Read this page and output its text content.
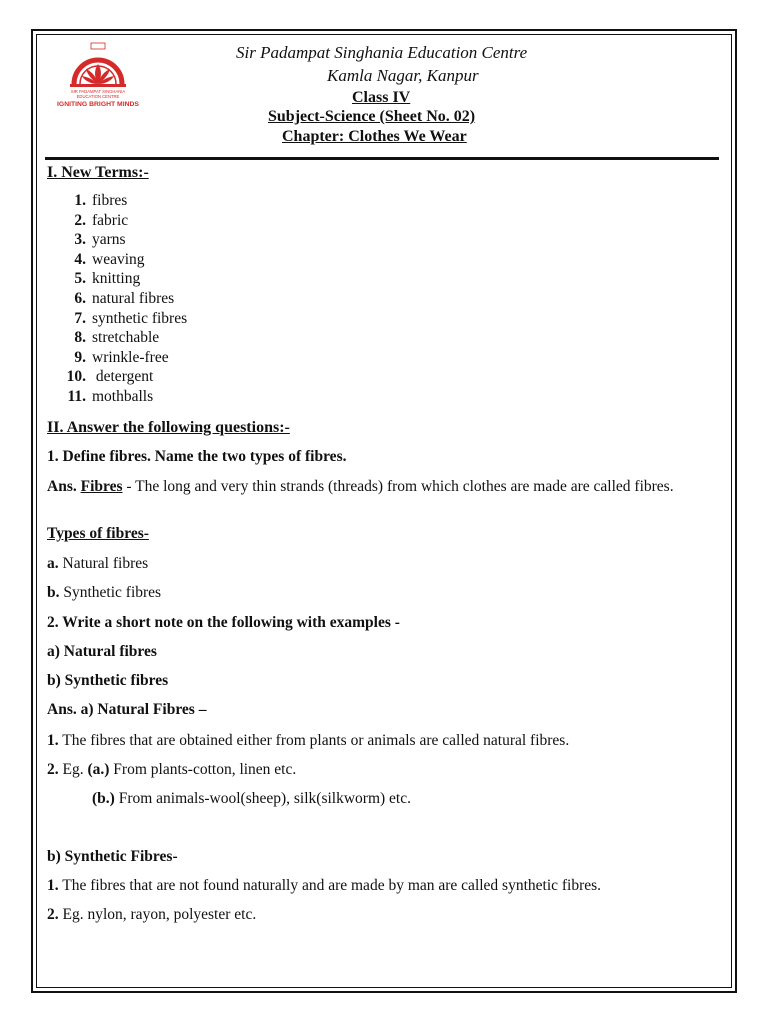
SIR PADAMPAT SINGHANIA
EDUCATION CENTRE
IGNITING BRIGHT MINDS
Sir Padampat Singhania Education Centre
Kamla Nagar, Kanpur
Class IV
Subject-Science (Sheet No. 02)
Chapter: Clothes We Wear
I. New Terms:-
1. fibres
2. fabric
3. yarns
4. weaving
5. knitting
6. natural fibres
7. synthetic fibres
8. stretchable
9. wrinkle-free
10. detergent
11. mothballs
II. Answer the following questions:-
1. Define fibres. Name the two types of fibres.
Ans. Fibres - The long and very thin strands (threads) from which clothes are made are called fibres.
Types of fibres-
a. Natural fibres
b. Synthetic fibres
2. Write a short note on the following with examples -
a) Natural fibres
b) Synthetic fibres
Ans. a) Natural Fibres –
1. The fibres that are obtained either from plants or animals are called natural fibres.
2. Eg. (a.) From plants-cotton, linen etc.
(b.) From animals-wool(sheep), silk(silkworm) etc.
b) Synthetic Fibres-
1. The fibres that are not found naturally and are made by man are called synthetic fibres.
2. Eg. nylon, rayon, polyester etc.
